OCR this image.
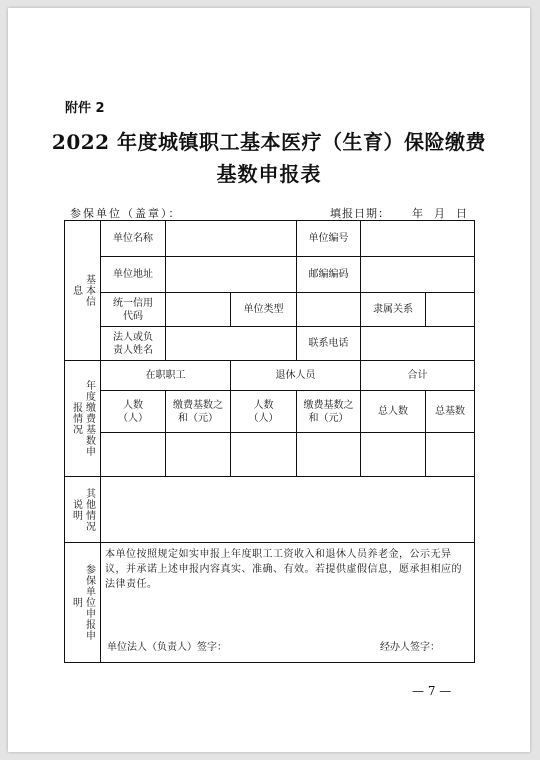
附件 2
2022 年度城镇职工基本医疗（生育）保险缴费
基数申报表
参保单位（盖章）：	填报日期： 年 月 日
基本信息	单位名称			单位编号		
	单位地址			邮编编码		

	统一信用代码		单位类型		隶属关系	

	法人或负责人姓名			联系电话		

年度缴费基数申报情况	在职职工		退休人员		合计	

	人数（人）	缴费基数之和（元）	人数（人）	缴费基数之和（元）	总人数	总基数

其他情况说明						

参保单位申报申明	本单位按照规定如实申报上年度职工工资收入和退休人员养老金，公示无异议，并承诺上述申报内容真实、准确、有效。若提供虚假信息，愿承担相应的法律责任。
单位法人（负责人）签字： 经办人签字：					
— 7 —
